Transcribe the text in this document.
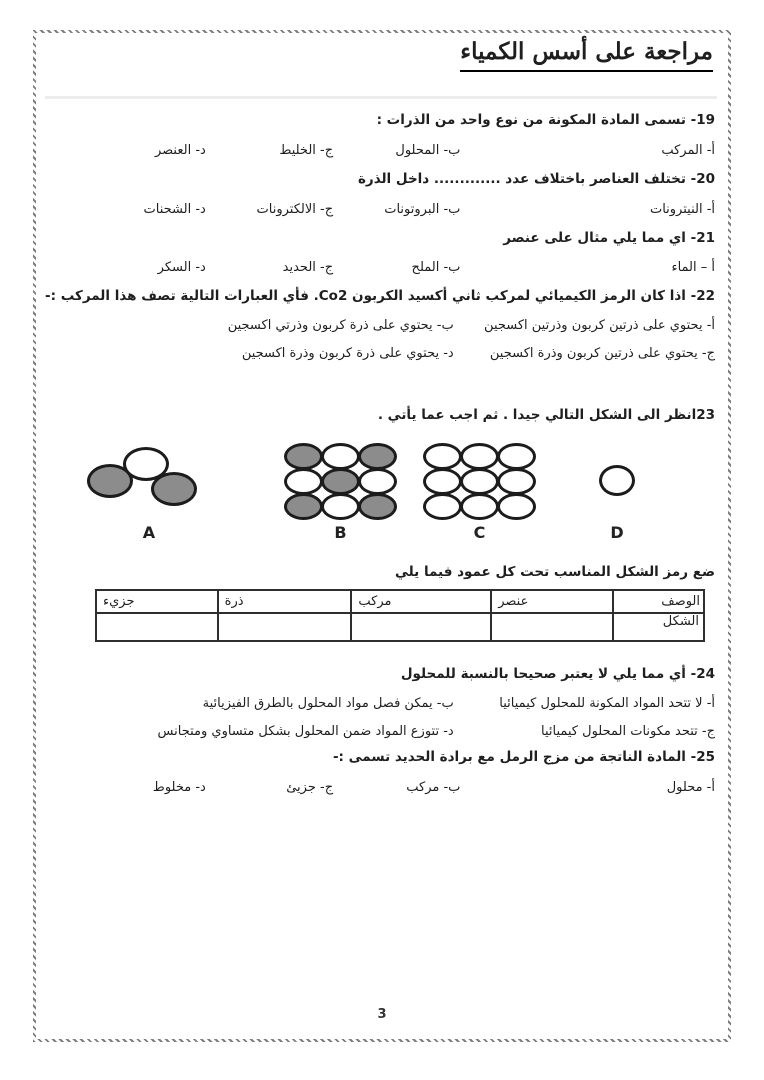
مراجعة على أسس الكمياء

19- تسمى المادة المكونة من نوع واحد من الذرات :

أ- المركب
ب- المحلول
ج- الخليط
د- العنصر

20- تختلف العناصر باختلاف عدد ............. داخل الذرة

أ- النيترونات
ب- البروتونات
ج- الالكترونات
د- الشحنات

21- اي مما يلي مثال على عنصر

أ – الماء
ب- الملح
ج- الحديد
د- السكر

22- اذا كان الرمز الكيميائي لمركب ثاني أكسيد الكربون Co2. فأي العبارات التالية تصف هذا المركب :-

أ- يحتوي على ذرتين كربون وذرتين اكسجين
ب- يحتوي على ذرة كربون وذرتي اكسجين
ج- يحتوي على ذرتين كربون وذرة اكسجين
د- يحتوي على ذرة كربون وذرة اكسجين

23انظر الى الشكل التالي جيدا . ثم اجب عما يأتي .

A	B	C	D

ضع رمز الشكل المناسب تحت كل عمود فيما يلي

الوصف	عنصر	مركب	ذرة	جزيء
الشكل				

24- أي مما يلي لا يعتبر صحيحا بالنسبة للمحلول

أ- لا تتحد المواد المكونة للمحلول كيميائيا
ب- يمكن فصل مواد المحلول بالطرق الفيزيائية
ج- تتحد مكونات المحلول كيميائيا
د- تتوزع المواد ضمن المحلول بشكل متساوي ومتجانس

25- المادة الناتجة من مزج الرمل مع برادة الحديد تسمى :-

أ- محلول
ب- مركب
ج- جزيئ
د- مخلوط
3
